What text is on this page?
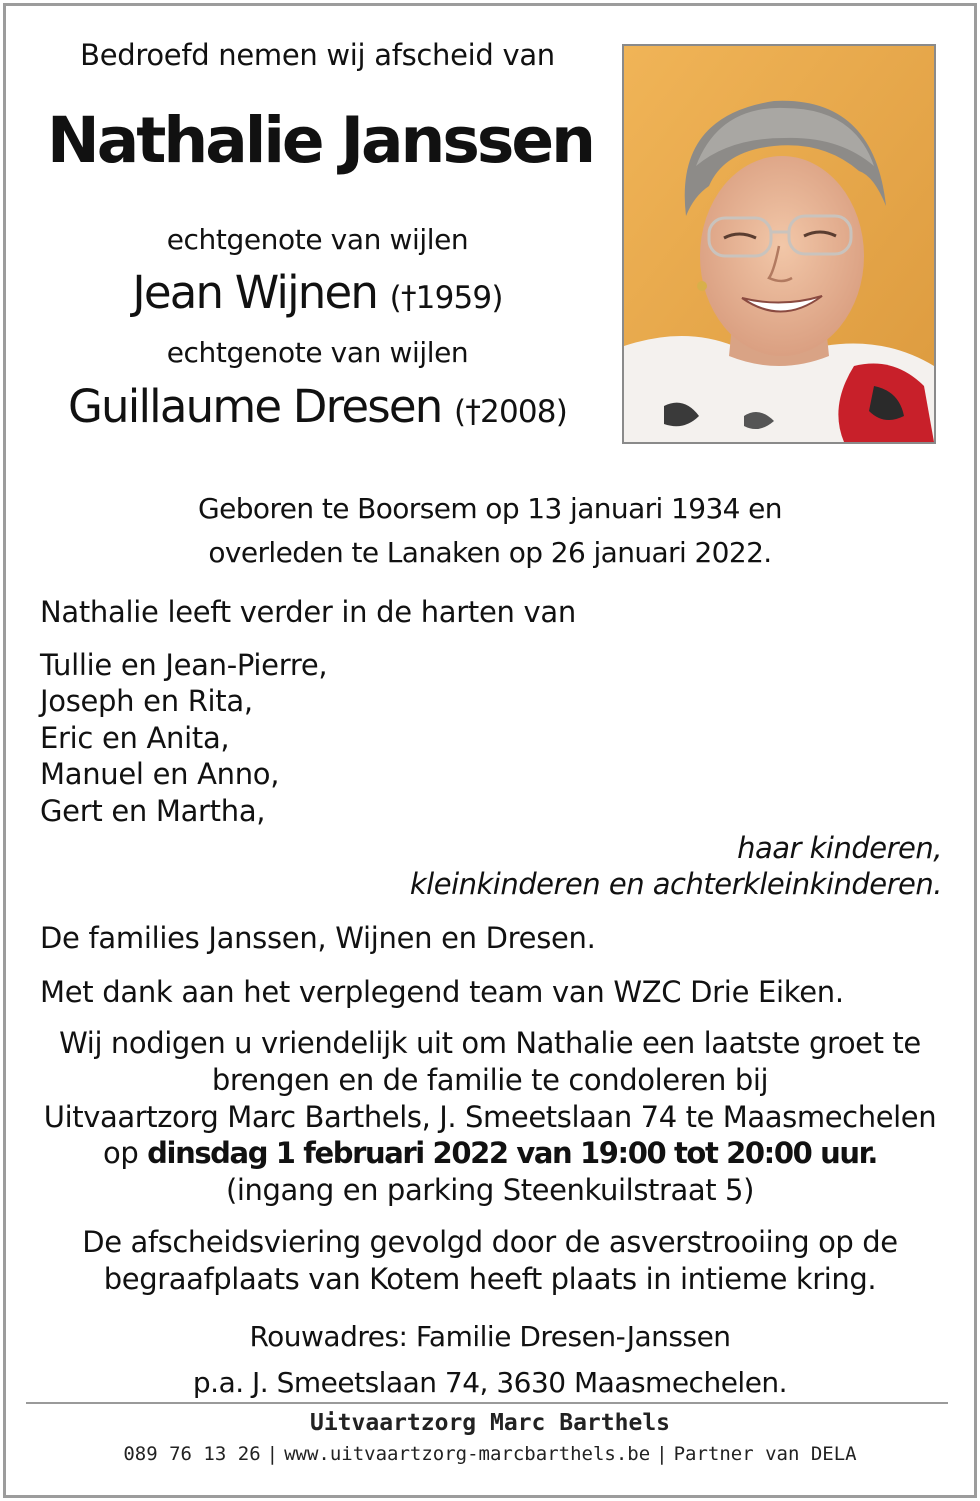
Bedroefd nemen wij afscheid van
Nathalie Janssen
echtgenote van wijlen
Jean Wijnen (†1959)
echtgenote van wijlen
Guillaume Dresen (†2008)
Geboren te Boorsem op 13 januari 1934 en
overleden te Lanaken op 26 januari 2022.
Nathalie leeft verder in de harten van
Tullie en Jean-Pierre,
Joseph en Rita,
Eric en Anita,
Manuel en Anno,
Gert en Martha,
haar kinderen,
kleinkinderen en achterkleinkinderen.
De families Janssen, Wijnen en Dresen.
Met dank aan het verplegend team van WZC Drie Eiken.
Wij nodigen u vriendelijk uit om Nathalie een laatste groet te
brengen en de familie te condoleren bij
Uitvaartzorg Marc Barthels, J. Smeetslaan 74 te Maasmechelen
op dinsdag 1 februari 2022 van 19:00 tot 20:00 uur.
(ingang en parking Steenkuilstraat 5)
De afscheidsviering gevolgd door de asverstrooiing op de
begraafplaats van Kotem heeft plaats in intieme kring.
Rouwadres: Familie Dresen-Janssen
p.a. J. Smeetslaan 74, 3630 Maasmechelen.
Uitvaartzorg Marc Barthels
089 76 13 26 | www.uitvaartzorg-marcbarthels.be | Partner van DELA
